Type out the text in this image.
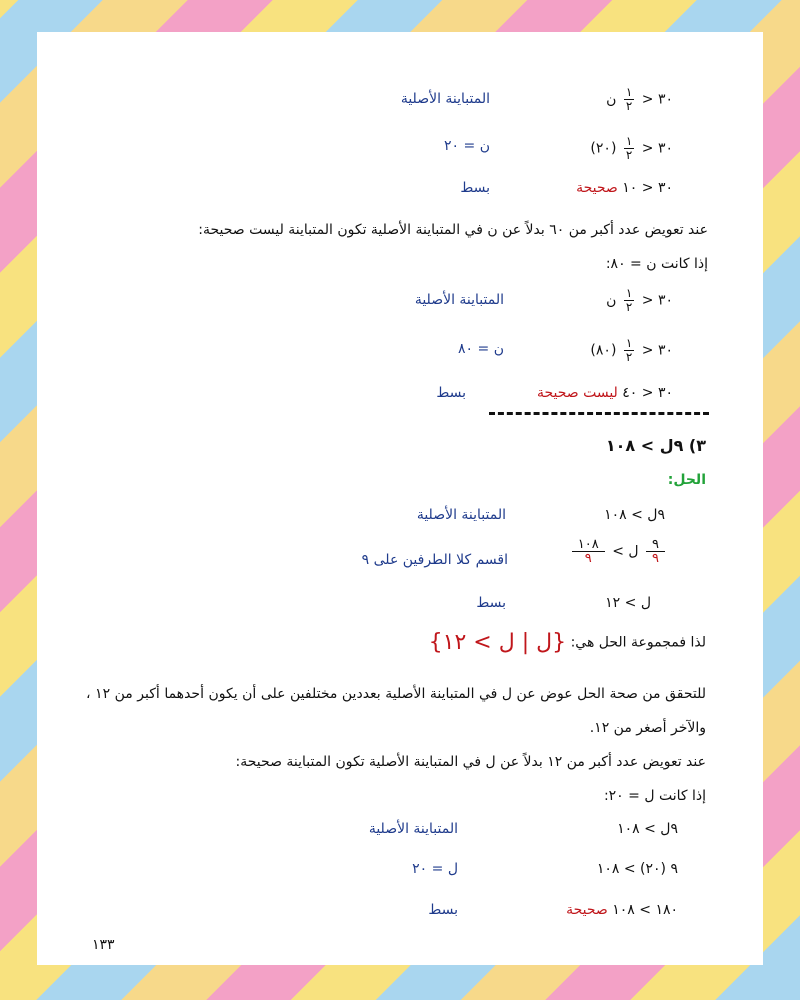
٣٠ <
$\frac{١}{٢}$
ن
المتباينة الأصلية
٣٠ <
$\frac{١}{٢}$
(٢٠)
ن = ٢٠
٣٠ < ١٠ صحيحة
بسط
عند تعويض عدد أكبر من ٦٠ بدلاً عن ن في المتباينة الأصلية تكون المتباينة ليست صحيحة:
إذا كانت ن = ٨٠:
٣٠ <
$\frac{١}{٢}$
ن
المتباينة الأصلية
٣٠ <
$\frac{١}{٢}$
(٨٠)
ن = ٨٠
٣٠ < ٤٠ ليست صحيحة
بسط
٣) ٩ل > ١٠٨
الحل:
٩ل > ١٠٨
المتباينة الأصلية
$\frac{٩}{٩}$
ل >
$\frac{١٠٨}{٩}$
اقسم كلا الطرفين على ٩
ل > ١٢
بسط
لذا فمجموعة الحل هي: {ل | ل > ١٢}
للتحقق من صحة الحل عوض عن ل في المتباينة الأصلية بعددين مختلفين على أن يكون أحدهما أكبر من ١٢ ، والآخر أصغر من ١٢.
عند تعويض عدد أكبر من ١٢ بدلاً عن ل في المتباينة الأصلية تكون المتباينة صحيحة:
إذا كانت ل = ٢٠:
٩ل > ١٠٨
المتباينة الأصلية
٩ (٢٠) > ١٠٨
ل = ٢٠
١٨٠ > ١٠٨ صحيحة
بسط
١٣٣
